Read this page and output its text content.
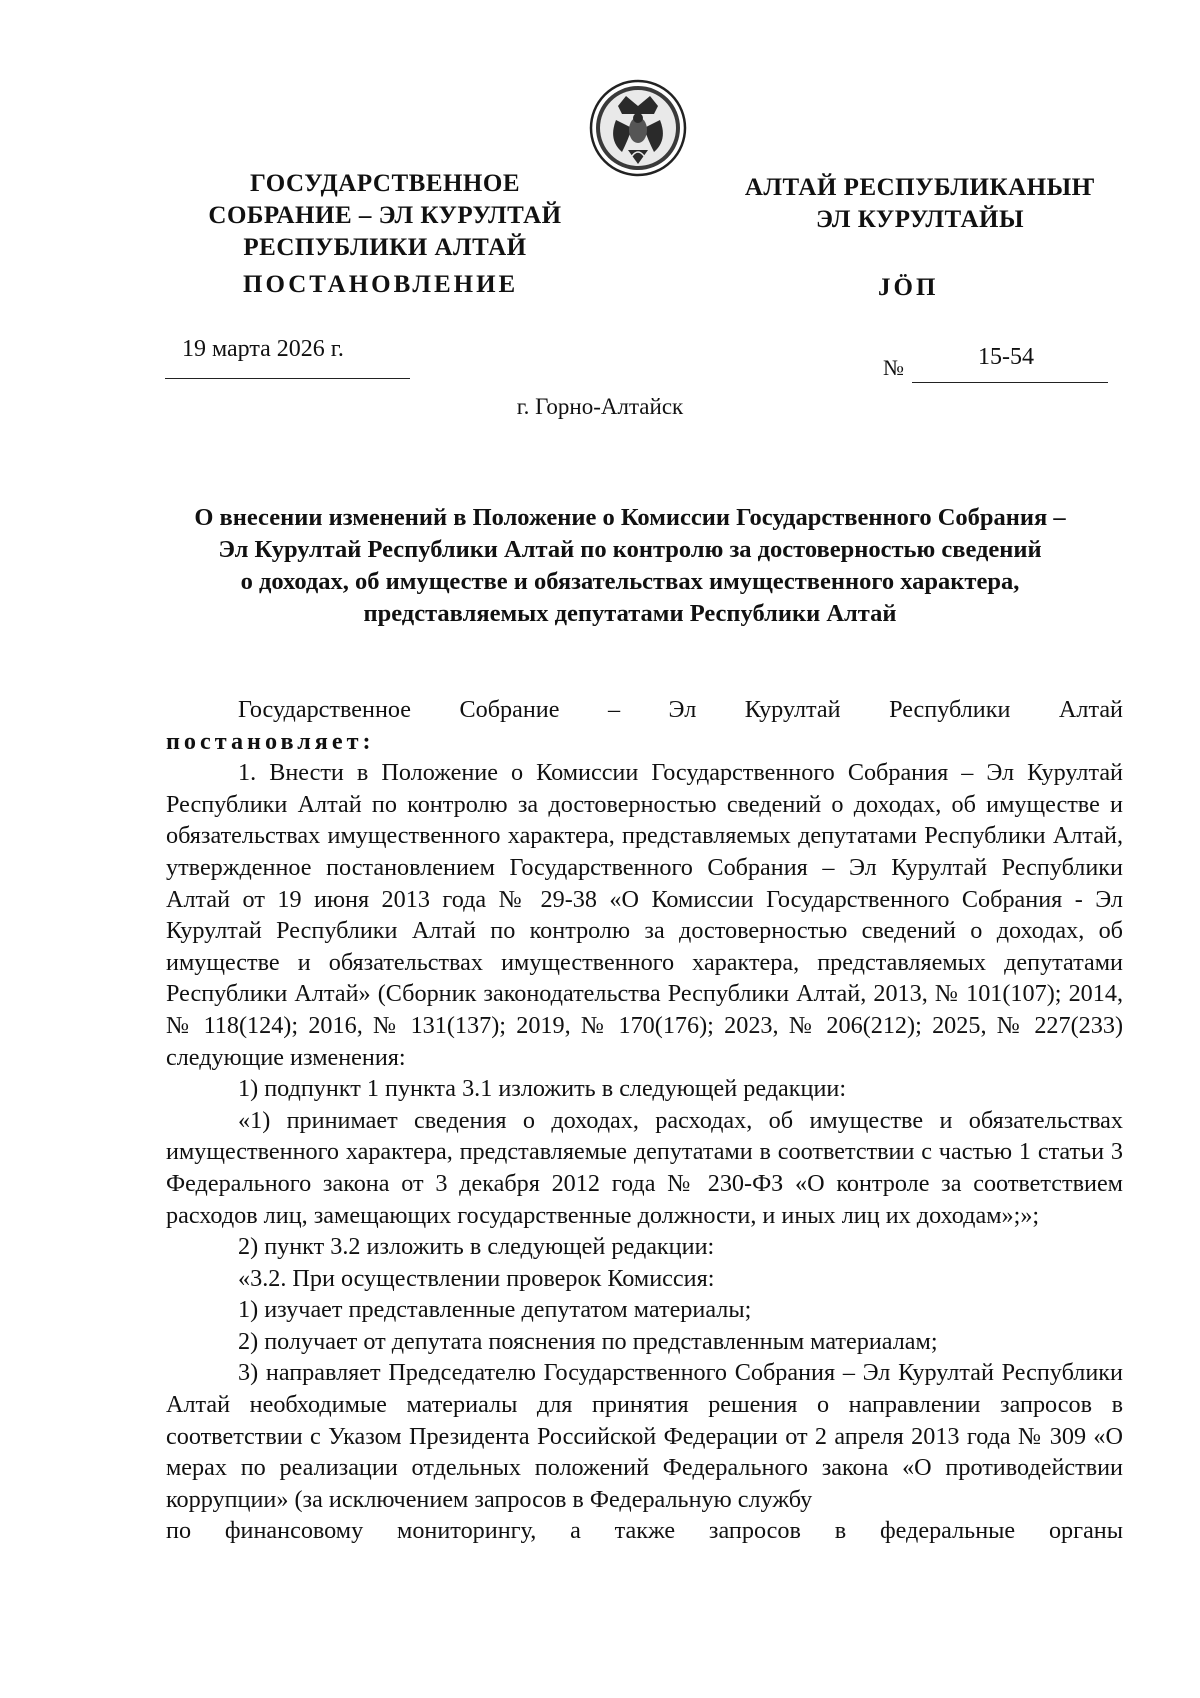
ГОСУДАРСТВЕННОЕ
СОБРАНИЕ – ЭЛ КУРУЛТАЙ
РЕСПУБЛИКИ АЛТАЙ
ПОСТАНОВЛЕНИЕ
АЛТАЙ РЕСПУБЛИКАНЫҤ
ЭЛ КУРУЛТАЙЫ
ЈӦП
19 марта 2026 г.
№	15-54
г. Горно-Алтайск
О внесении изменений в Положение о Комиссии Государственного Собрания –
Эл Курултай Республики Алтай по контролю за достоверностью сведений
о доходах, об имуществе и обязательствах имущественного характера,
представляемых депутатами Республики Алтай

Государственное Собрание – Эл Курултай Республики Алтай

постановляет:

1. Внести в Положение о Комиссии Государственного Собрания – Эл Курултай Республики Алтай по контролю за достоверностью сведений о доходах, об имуществе и обязательствах имущественного характера, представляемых депутатами Республики Алтай, утвержденное постановлением Государственного Собрания – Эл Курултай Республики Алтай от 19 июня 2013 года № 29-38 «О Комиссии Государственного Собрания - Эл Курултай Республики Алтай по контролю за достоверностью сведений о доходах, об имуществе и обязательствах имущественного характера, представляемых депутатами Республики Алтай» (Сборник законодательства Республики Алтай, 2013, № 101(107); 2014, № 118(124); 2016, № 131(137); 2019, № 170(176); 2023, № 206(212); 2025, № 227(233) следующие изменения:

1) подпункт 1 пункта 3.1 изложить в следующей редакции:

«1) принимает сведения о доходах, расходах, об имуществе и обязательствах имущественного характера, представляемые депутатами в соответствии с частью 1 статьи 3 Федерального закона от 3 декабря 2012 года № 230-ФЗ «О контроле за соответствием расходов лиц, замещающих государственные должности, и иных лиц их доходам»;»;

2) пункт 3.2 изложить в следующей редакции:

«3.2. При осуществлении проверок Комиссия:

1) изучает представленные депутатом материалы;

2) получает от депутата пояснения по представленным материалам;

3) направляет Председателю Государственного Собрания – Эл Курултай Республики Алтай необходимые материалы для принятия решения о направлении запросов в соответствии с Указом Президента Российской Федерации от 2 апреля 2013 года № 309 «О мерах по реализации отдельных положений Федерального закона «О противодействии коррупции» (за исключением запросов в Федеральную службу

по финансовому мониторингу, а также запросов в федеральные органы
